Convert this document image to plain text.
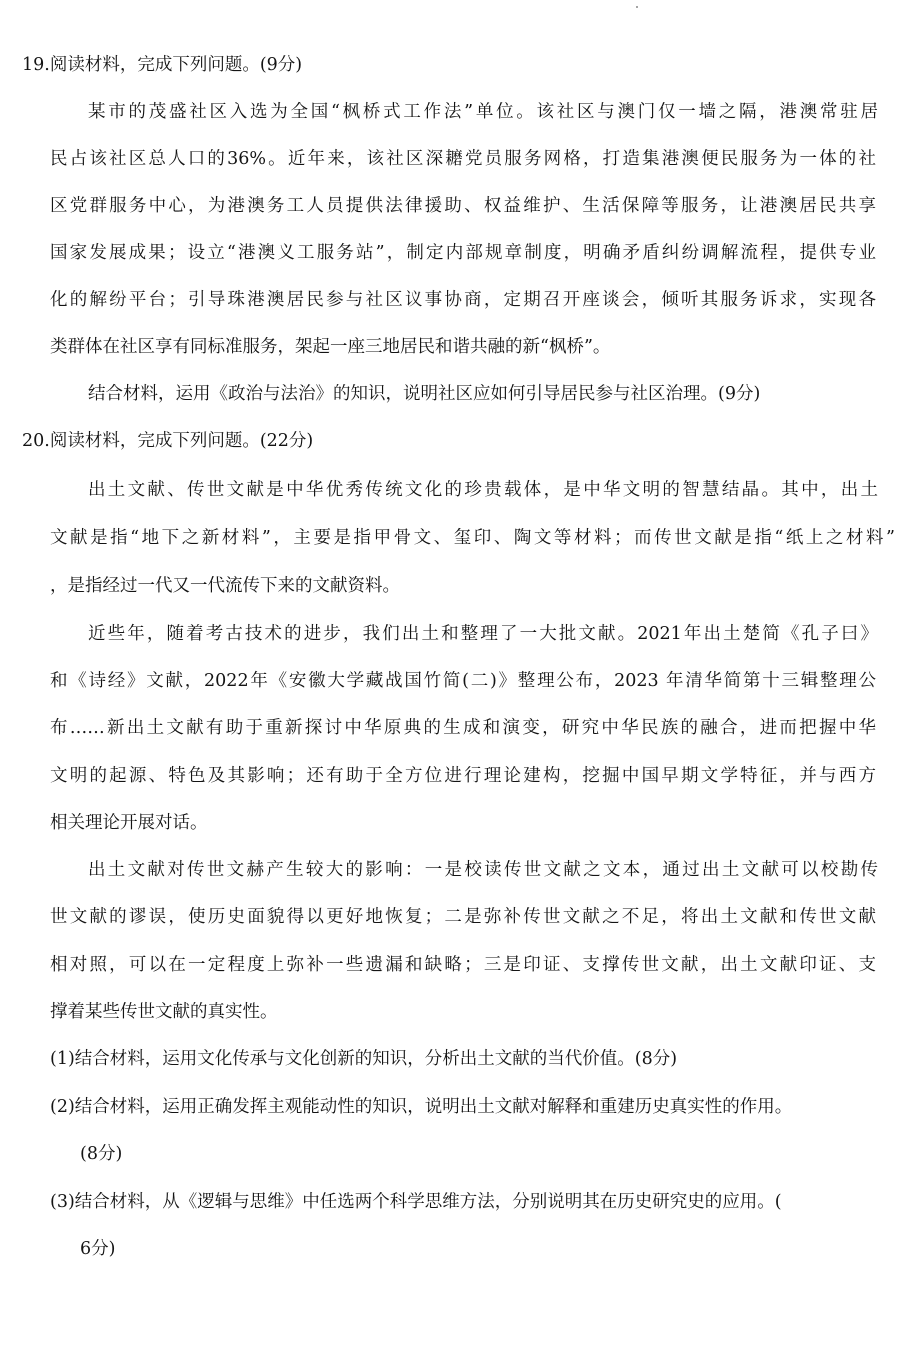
19.阅读材料，完成下列问题。(9分)
某市的茂盛社区入选为全国“枫桥式工作法”单位。该社区与澳门仅一墙之隔，港澳常驻居
民占该社区总人口的36%。近年来，该社区深耱党员服务网格，打造集港澳便民服务为一体的社
区党群服务中心，为港澳务工人员提供法律援助、权益维护、生活保障等服务，让港澳居民共享
国家发展成果；设立“港澳义工服务站”，制定内部规章制度，明确矛盾纠纷调解流程，提供专业
化的解纷平台；引导珠港澳居民参与社区议事协商，定期召开座谈会，倾听其服务诉求，实现各
类群体在社区享有同标准服务，架起一座三地居民和谐共融的新“枫桥”。
结合材料，运用《政治与法治》的知识，说明社区应如何引导居民参与社区治理。(9分)
20.阅读材料，完成下列问题。(22分)
出土文献、传世文献是中华优秀传统文化的珍贵载体，是中华文明的智慧结晶。其中，出土
文献是指“地下之新材料”，主要是指甲骨文、玺印、陶文等材料；而传世文献是指“纸上之材料”
，是指经过一代又一代流传下来的文献资料。
近些年，随着考古技术的进步，我们出土和整理了一大批文献。2021年出土楚简《孔子曰》
和《诗经》文献，2022年《安徽大学藏战国竹简(二)》整理公布，2023 年清华简第十三辑整理公
布……新出土文献有助于重新探讨中华原典的生成和演变，研究中华民族的融合，进而把握中华
文明的起源、特色及其影响；还有助于全方位进行理论建构，挖掘中国早期文学特征，并与西方
相关理论开展对话。
出土文献对传世文赫产生较大的影响：一是校读传世文献之文本，通过出土文献可以校勘传
世文献的谬误，使历史面貌得以更好地恢复；二是弥补传世文献之不足，将出土文献和传世文献
相对照，可以在一定程度上弥补一些遗漏和缺略；三是印证、支撑传世文献，出土文献印证、支
撑着某些传世文献的真实性。
(1)结合材料，运用文化传承与文化创新的知识，分析出土文献的当代价值。(8分)
(2)结合材料，运用正确发挥主观能动性的知识，说明出土文献对解释和重建历史真实性的作用。
(8分)
(3)结合材料，从《逻辑与思维》中任选两个科学思维方法，分别说明其在历史研究史的应用。(
6分)
